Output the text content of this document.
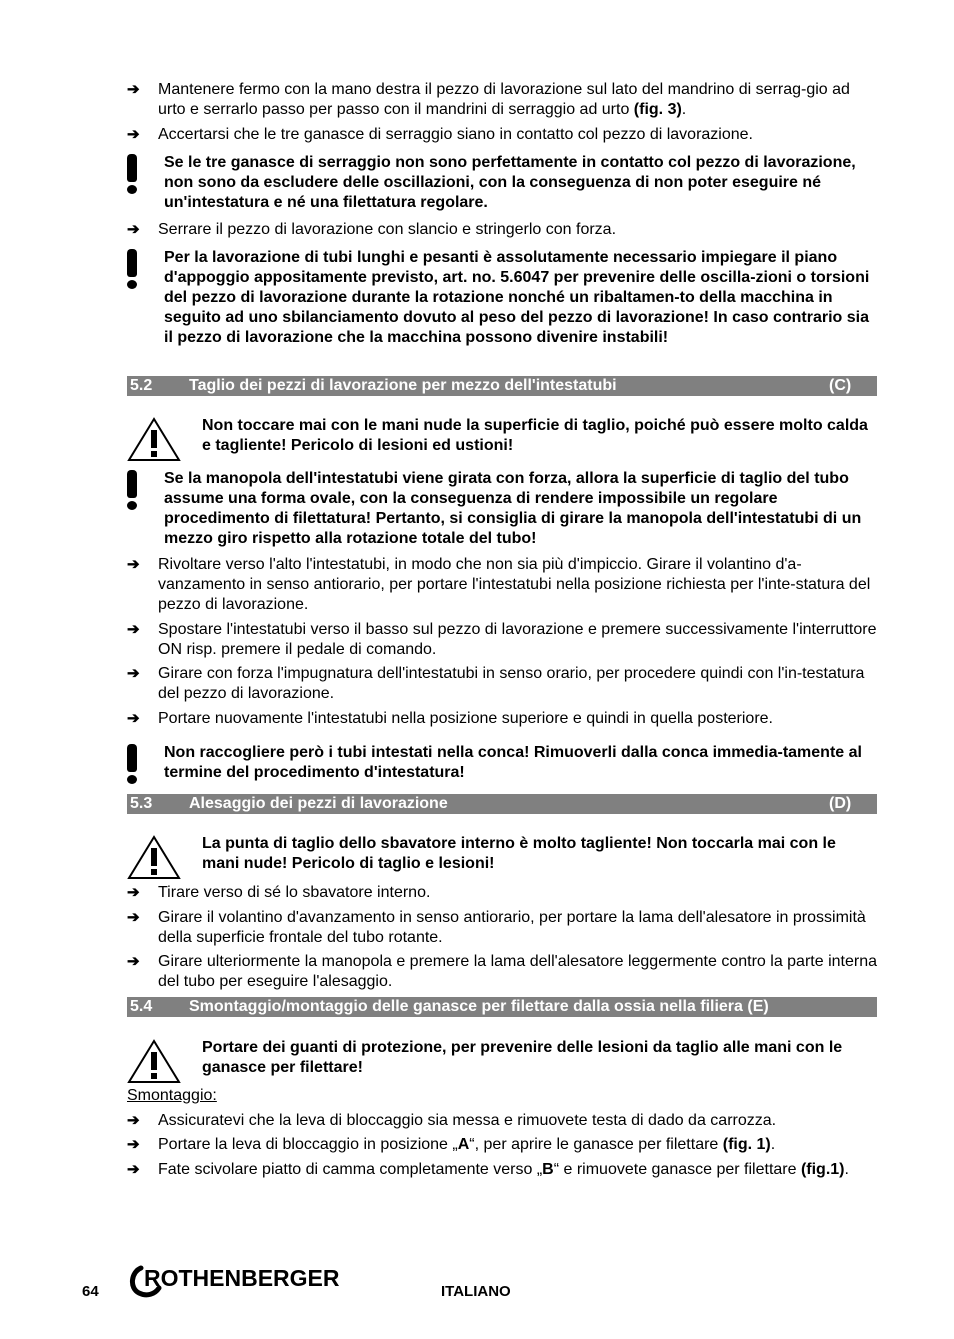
➔	Mantenere fermo con la mano destra il pezzo di lavorazione sul lato del mandrino di serrag-gio ad urto e serrarlo passo per passo con il mandrini di serraggio ad urto (fig. 3).
➔	Accertarsi che le tre ganasce di serraggio siano in contatto col pezzo di lavorazione.
Se le tre ganasce di serraggio non sono perfettamente in contatto col pezzo di lavorazione, non sono da escludere delle oscillazioni, con la conseguenza di non poter eseguire né un'intestatura e né una filettatura regolare.
➔	Serrare il pezzo di lavorazione con slancio e stringerlo con forza.
Per la lavorazione di tubi lunghi e pesanti è assolutamente necessario impiegare il piano d'appoggio appositamente previsto, art. no. 5.6047 per prevenire delle oscilla-zioni o torsioni del pezzo di lavorazione durante la rotazione nonché un ribaltamen-to della macchina in seguito ad uno sbilanciamento dovuto al peso del pezzo di lavorazione! In caso contrario sia il pezzo di lavorazione che la macchina possono divenire instabili!
5.2	Taglio dei pezzi di lavorazione per mezzo dell'intestatubi	(C)
Non toccare mai con le mani nude la superficie di taglio, poiché può essere molto calda e tagliente! Pericolo di lesioni ed ustioni!
Se la manopola dell'intestatubi viene girata con forza, allora la superficie di taglio del tubo assume una forma ovale, con la conseguenza di rendere impossibile un regolare procedimento di filettatura! Pertanto, si consiglia di girare la manopola dell'intestatubi di un mezzo giro rispetto alla rotazione totale del tubo!
➔	Rivoltare verso l'alto l'intestatubi, in modo che non sia più d'impiccio. Girare il volantino d'a-vanzamento in senso antiorario, per portare l'intestatubi nella posizione richiesta per l'inte-statura del pezzo di lavorazione.
➔	Spostare l'intestatubi verso il basso sul pezzo di lavorazione e premere successivamente l'interruttore ON risp. premere il pedale di comando.
➔	Girare con forza l'impugnatura dell'intestatubi in senso orario, per procedere quindi con l'in-testatura del pezzo di lavorazione.
➔	Portare nuovamente l'intestatubi nella posizione superiore e quindi in quella posteriore.
Non raccogliere però i tubi intestati nella conca! Rimuoverli dalla conca immedia-tamente al termine del procedimento d'intestatura!
5.3	Alesaggio dei pezzi di lavorazione	(D)
La punta di taglio dello sbavatore interno è molto tagliente! Non toccarla mai con le mani nude! Pericolo di taglio e lesioni!
➔	Tirare verso di sé lo sbavatore interno.
➔	Girare il volantino d'avanzamento in senso antiorario, per portare la lama dell'alesatore in prossimità della superficie frontale del tubo rotante.
➔	Girare ulteriormente la manopola e premere la lama dell'alesatore leggermente contro la parte interna del tubo per eseguire l'alesaggio.
5.4	Smontaggio/montaggio delle ganasce per filettare dalla ossia nella filiera (E)
Portare dei guanti di protezione, per prevenire delle lesioni da taglio alle mani con le ganasce per filettare!
Smontaggio:
➔	Assicuratevi che la leva di bloccaggio sia messa e rimuovete testa di dado da carrozza.
➔	Portare la leva di bloccaggio in posizione „A“, per aprire le ganasce per filettare (fig. 1).
➔	Fate scivolare piatto di camma completamente verso „B“ e rimuovete ganasce per filettare (fig.1).
64
ROTHENBERGER
ITALIANO
